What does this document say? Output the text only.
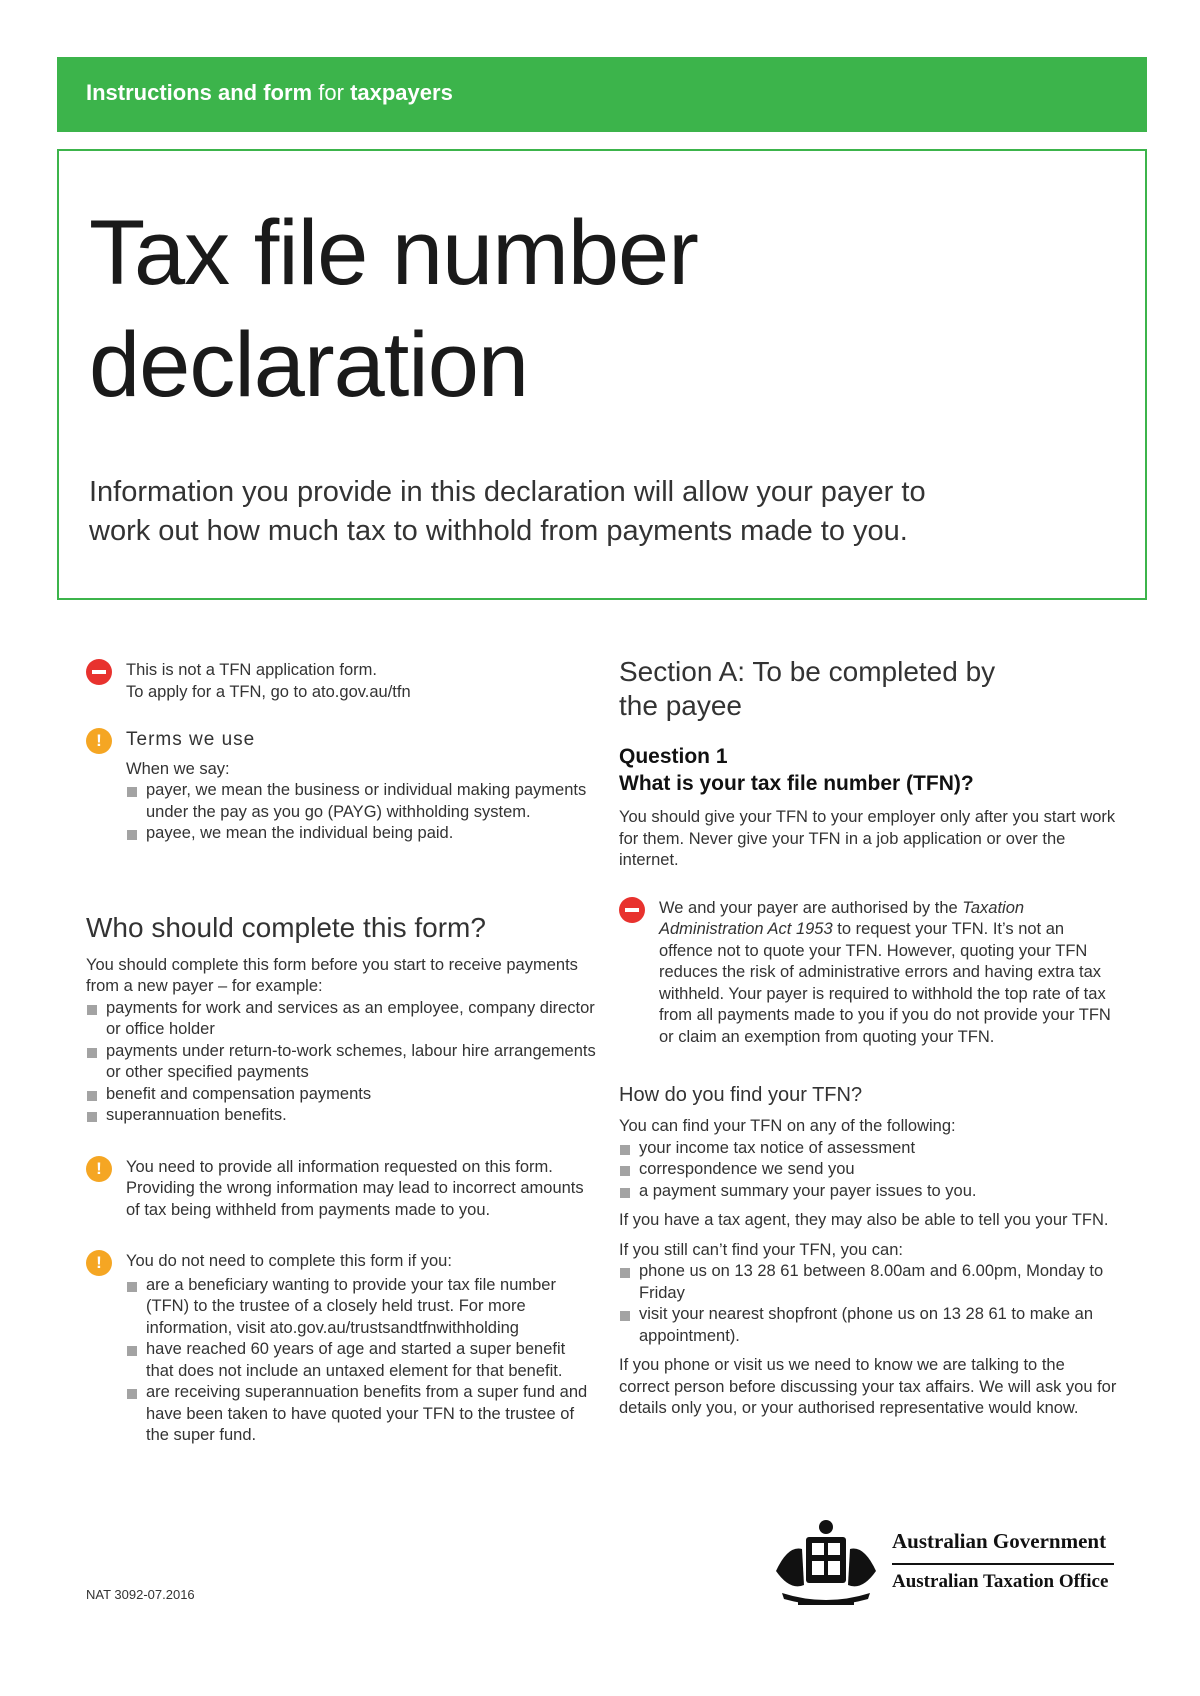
Instructions and form for taxpayers
Tax file number
declaration
Information you provide in this declaration will allow your payer to work out how much tax to withhold from payments made to you.

This is not a TFN application form.

To apply for a TFN, go to ato.gov.au/tfn

!	Terms we use

When we say:

payer, we mean the business or individual making payments under the pay as you go (PAYG) withholding system.
payee, we mean the individual being paid.
Who should complete this form?

You should complete this form before you start to receive payments from a new payer – for example:

payments for work and services as an employee, company director or office holder
payments under return-to-work schemes, labour hire arrangements or other specified payments
benefit and compensation payments
superannuation benefits.
!	You need to provide all information requested on this form. Providing the wrong information may lead to incorrect amounts of tax being withheld from payments made to you.

!	You do not need to complete this form if you:

are a beneficiary wanting to provide your tax file number (TFN) to the trustee of a closely held trust. For more information, visit ato.gov.au/trustsandtfnwithholding
have reached 60 years of age and started a super benefit that does not include an untaxed element for that benefit.
are receiving superannuation benefits from a super fund and have been taken to have quoted your TFN to the trustee of the super fund.
Section A: To be completed by the payee
Question 1
What is your tax file number (TFN)?

You should give your TFN to your employer only after you start work for them. Never give your TFN in a job application or over the internet.

We and your payer are authorised by the Taxation Administration Act 1953 to request your TFN. It’s not an offence not to quote your TFN. However, quoting your TFN reduces the risk of administrative errors and having extra tax withheld. Your payer is required to withhold the top rate of tax from all payments made to you if you do not provide your TFN or claim an exemption from quoting your TFN.

How do you find your TFN?

You can find your TFN on any of the following:

your income tax notice of assessment
correspondence we send you
a payment summary your payer issues to you.

If you have a tax agent, they may also be able to tell you your TFN.

If you still can’t find your TFN, you can:

phone us on 13 28 61 between 8.00am and 6.00pm, Monday to Friday
visit your nearest shopfront (phone us on 13 28 61 to make an appointment).

If you phone or visit us we need to know we are talking to the correct person before discussing your tax affairs. We will ask you for details only you, or your authorised representative would know.

NAT 3092-07.2016
Australian Government
Australian Taxation Office
